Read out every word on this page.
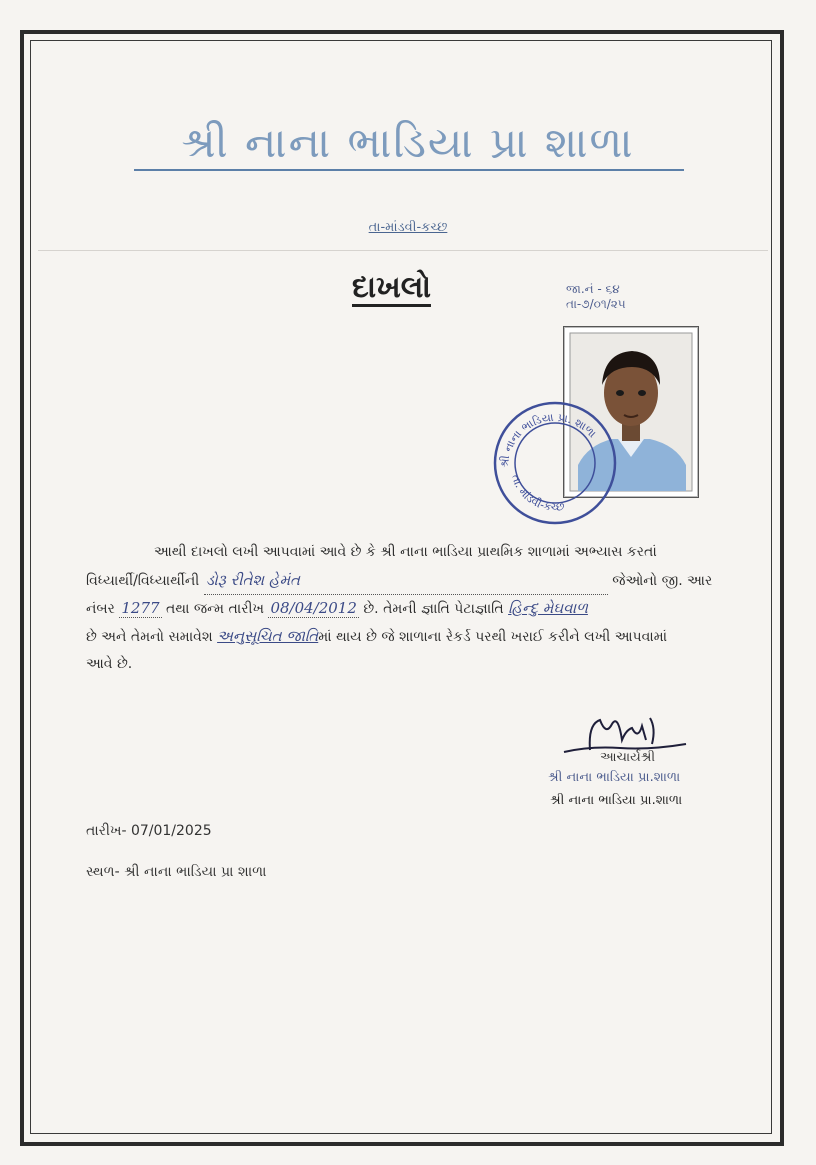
શ્રી નાના ભાડિયા પ્રા શાળા
તા-માંડવી-કચ્છ
દાખલો	જા.નં - ૬૪
તા-૭/૦૧/૨૫
શ્રી નાના ભાડિયા પ્રા. શાળા
તા. માંડવી-કચ્છ
આથી દાખલો લખી આપવામાં આવે છે કે શ્રી નાના ભાડિયા પ્રાથમિક શાળામાં અભ્યાસ કરતાં
વિધ્યાર્થી/વિધ્યાર્થીની ડોરૂ રીતેશ હેમંત	જેઓનો જી. આર
નંબર 1277 તથા જન્મ તારીખ 08/04/2012 છે. તેમની જ્ઞાતિ પેટાજ્ઞાતિ હિન્દુ મેઘવાળ
છે અને તેમનો સમાવેશ અનુસૂચિત જાતિમાં થાય છે જે શાળાના રેકર્ડ પરથી ખરાઈ કરીને લખી આપવામાં
આવે છે.
આચાર્યશ્રી
શ્રી નાના ભાડિયા પ્રા.શાળા
શ્રી નાના ભાડિયા પ્રા.શાળા
તારીખ- 07/01/2025
સ્થળ- શ્રી નાના ભાડિયા પ્રા શાળા
